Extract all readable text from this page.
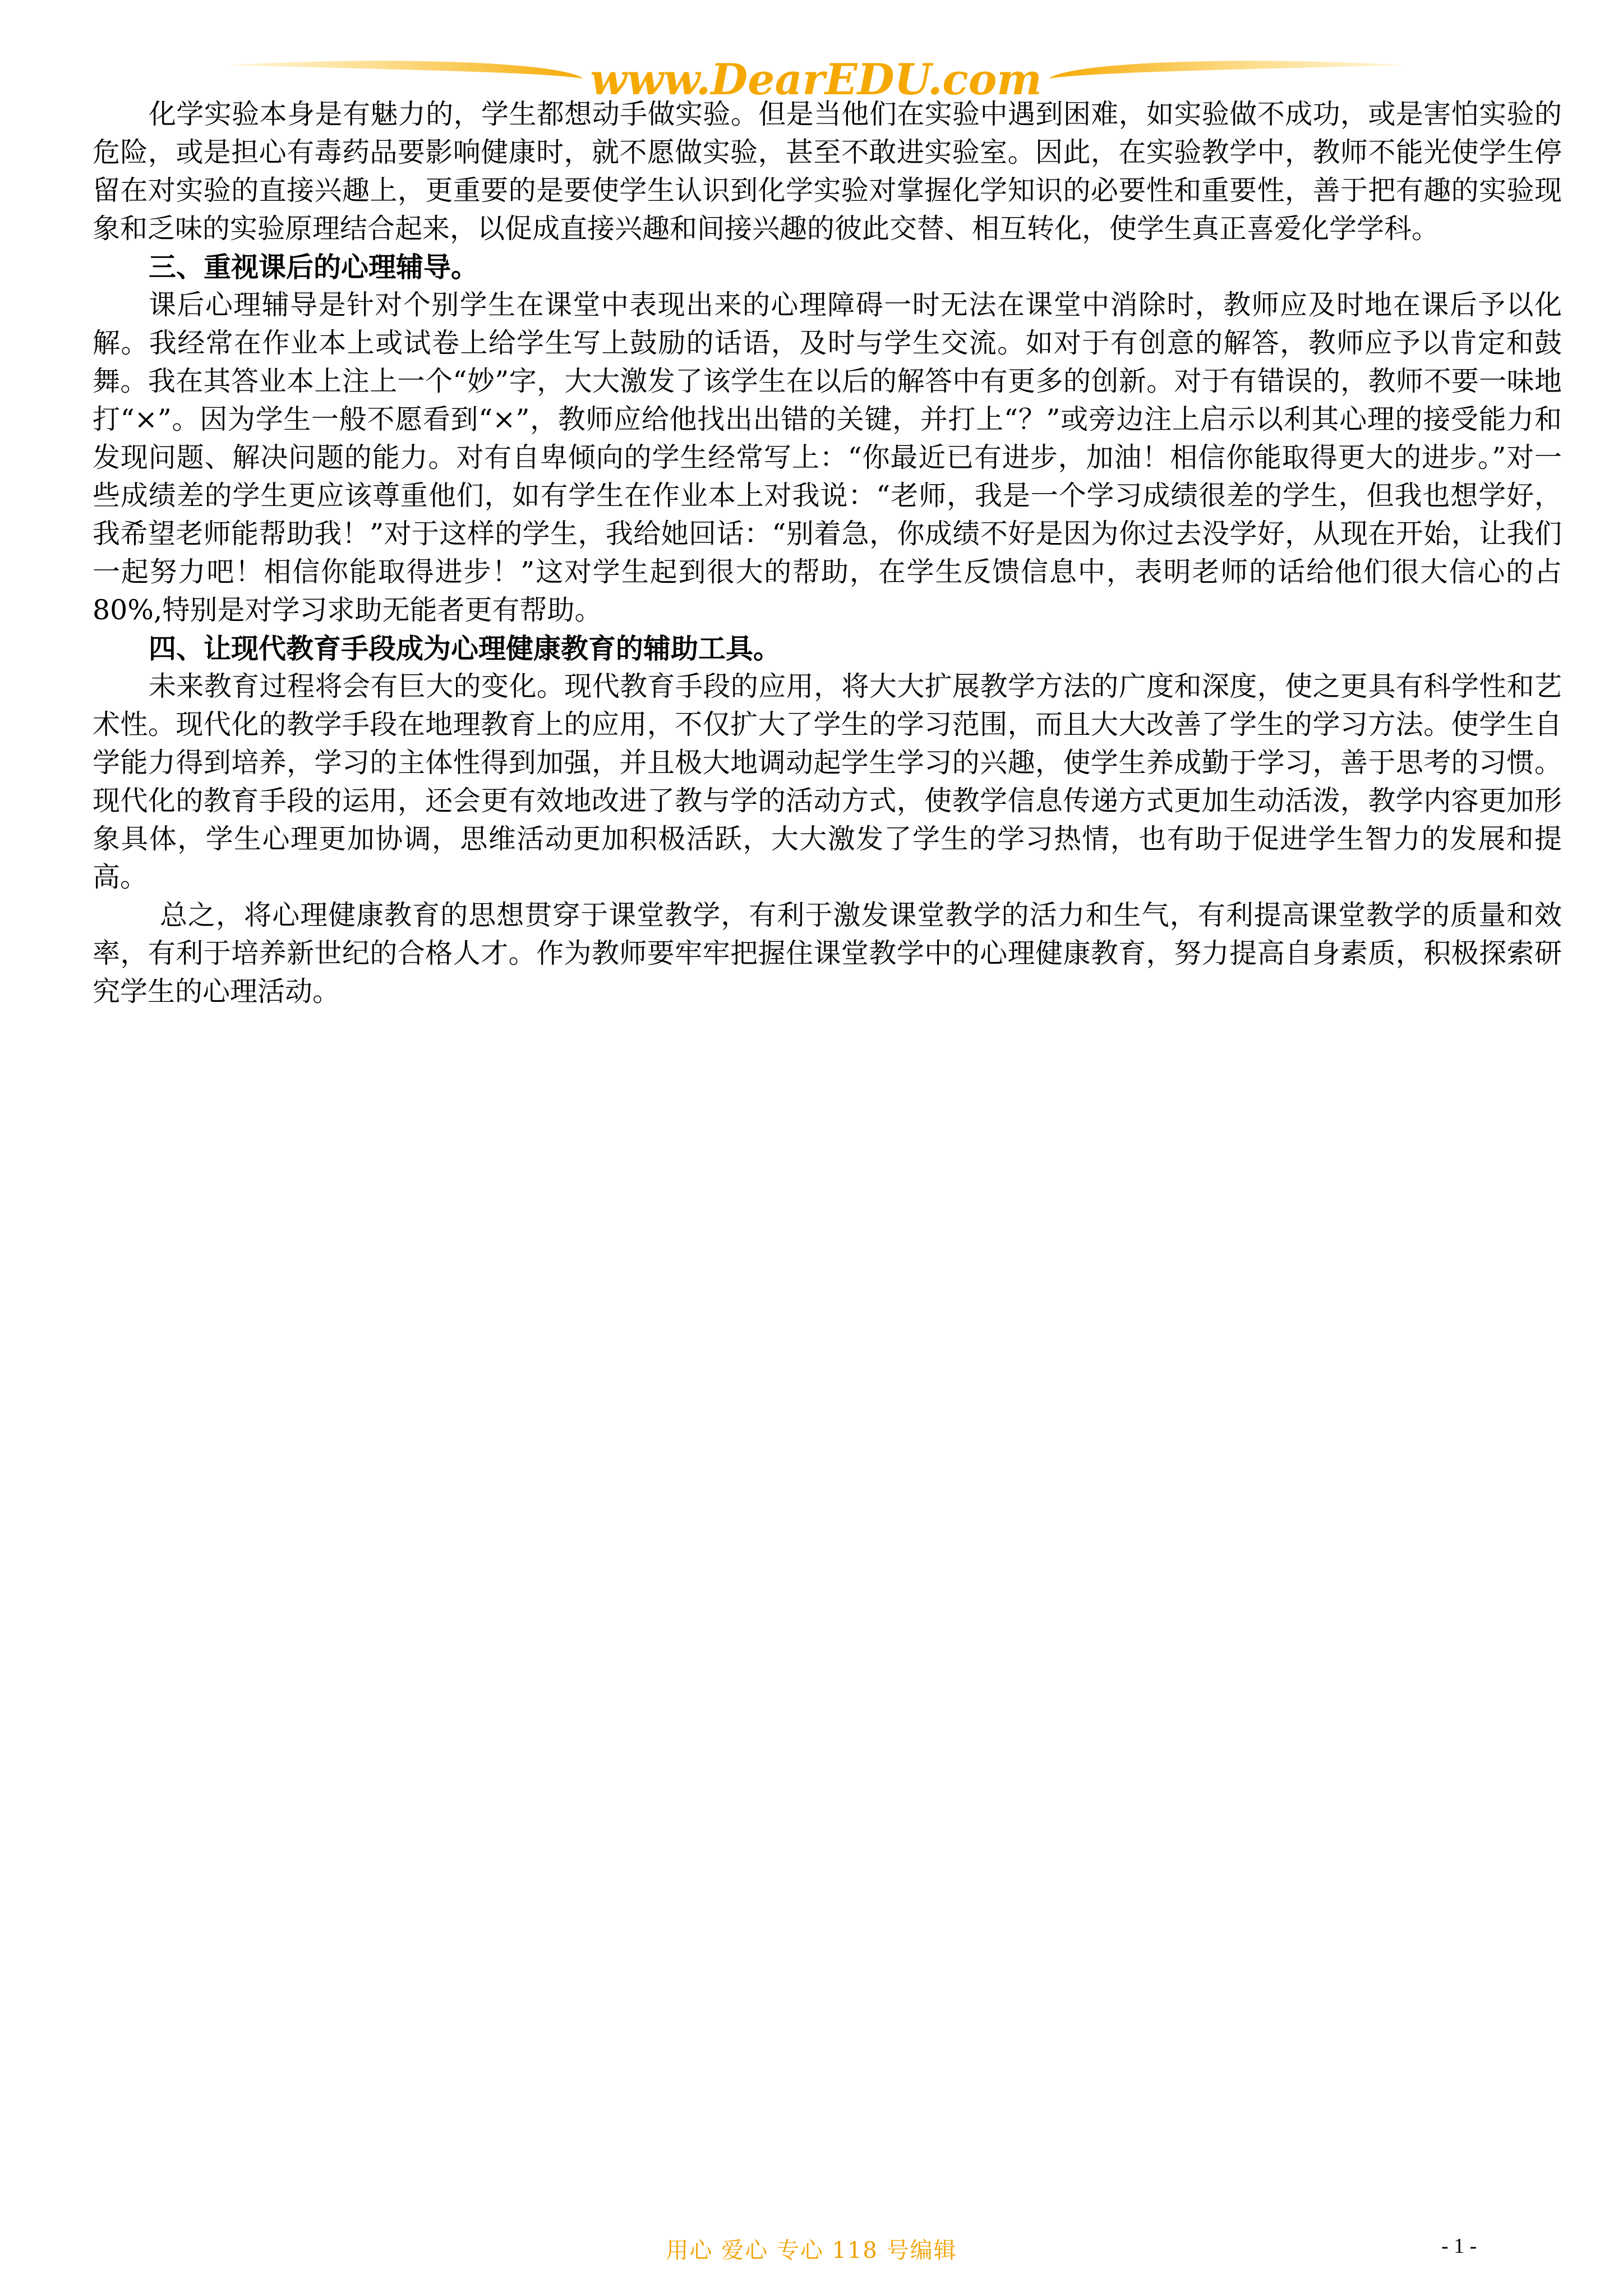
www.DearEDU.com

化学实验本身是有魅力的，学生都想动手做实验。但是当他们在实验中遇到困难，如实验做不成功，或是害怕实验的危险，或是担心有毒药品要影响健康时，就不愿做实验，甚至不敢进实验室。因此，在实验教学中，教师不能光使学生停留在对实验的直接兴趣上，更重要的是要使学生认识到化学实验对掌握化学知识的必要性和重要性，善于把有趣的实验现象和乏味的实验原理结合起来，以促成直接兴趣和间接兴趣的彼此交替、相互转化，使学生真正喜爱化学学科。

三、重视课后的心理辅导。

课后心理辅导是针对个别学生在课堂中表现出来的心理障碍一时无法在课堂中消除时，教师应及时地在课后予以化解。我经常在作业本上或试卷上给学生写上鼓励的话语，及时与学生交流。如对于有创意的解答，教师应予以肯定和鼓舞。我在其答业本上注上一个“妙”字，大大激发了该学生在以后的解答中有更多的创新。对于有错误的，教师不要一味地打“×”。因为学生一般不愿看到“×”，教师应给他找出出错的关键，并打上“？”或旁边注上启示以利其心理的接受能力和发现问题、解决问题的能力。对有自卑倾向的学生经常写上：“你最近已有进步，加油！相信你能取得更大的进步。”对一些成绩差的学生更应该尊重他们，如有学生在作业本上对我说：“老师，我是一个学习成绩很差的学生，但我也想学好，我希望老师能帮助我！”对于这样的学生，我给她回话：“别着急，你成绩不好是因为你过去没学好，从现在开始，让我们一起努力吧！相信你能取得进步！”这对学生起到很大的帮助，在学生反馈信息中，表明老师的话给他们很大信心的占80%,特别是对学习求助无能者更有帮助。

四、让现代教育手段成为心理健康教育的辅助工具。

未来教育过程将会有巨大的变化。现代教育手段的应用，将大大扩展教学方法的广度和深度，使之更具有科学性和艺术性。现代化的教学手段在地理教育上的应用，不仅扩大了学生的学习范围，而且大大改善了学生的学习方法。使学生自学能力得到培养，学习的主体性得到加强，并且极大地调动起学生学习的兴趣，使学生养成勤于学习，善于思考的习惯。现代化的教育手段的运用，还会更有效地改进了教与学的活动方式，使教学信息传递方式更加生动活泼，教学内容更加形象具体，学生心理更加协调，思维活动更加积极活跃，大大激发了学生的学习热情，也有助于促进学生智力的发展和提高。

总之，将心理健康教育的思想贯穿于课堂教学，有利于激发课堂教学的活力和生气，有利提高课堂教学的质量和效率，有利于培养新世纪的合格人才。作为教师要牢牢把握住课堂教学中的心理健康教育，努力提高自身素质，积极探索研究学生的心理活动。

用心 爱心 专心 118 号编辑	- 1 -
